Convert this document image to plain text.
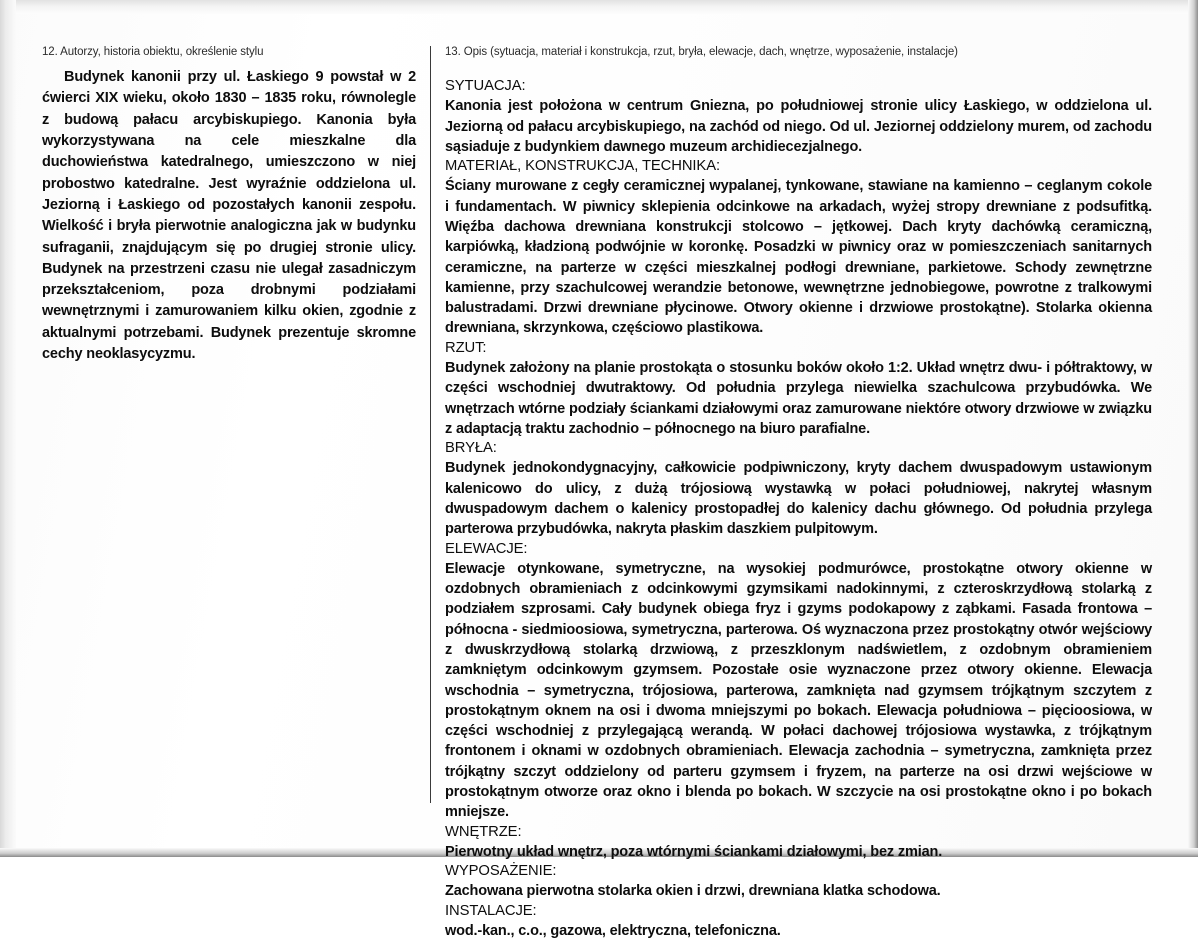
12. Autorzy, historia obiektu, określenie stylu

Budynek kanonii przy ul. Łaskiego 9 powstał w 2 ćwierci XIX wieku, około 1830 – 1835 roku, równolegle z budową pałacu arcybiskupiego. Kanonia była wykorzystywana na cele mieszkalne dla duchowieństwa katedralnego, umieszczono w niej probostwo katedralne. Jest wyraźnie oddzielona ul. Jeziorną i Łaskiego od pozostałych kanonii zespołu. Wielkość i bryła pierwotnie analogiczna jak w budynku sufraganii, znajdującym się po drugiej stronie ulicy. Budynek na przestrzeni czasu nie ulegał zasadniczym przekształceniom, poza drobnymi podziałami wewnętrznymi i zamurowaniem kilku okien, zgodnie z aktualnymi potrzebami. Budynek prezentuje skromne cechy neoklasycyzmu.

13. Opis (sytuacja, materiał i konstrukcja, rzut, bryła, elewacje, dach, wnętrze, wyposażenie, instalacje)
SYTUACJA:

Kanonia jest położona w centrum Gniezna, po południowej stronie ulicy Łaskiego, w oddzielona ul. Jeziorną od pałacu arcybiskupiego, na zachód od niego. Od ul. Jeziornej oddzielony murem, od zachodu sąsiaduje z budynkiem dawnego muzeum archidiecezjalnego.

MATERIAŁ, KONSTRUKCJA, TECHNIKA:

Ściany murowane z cegły ceramicznej wypalanej, tynkowane, stawiane na kamienno – ceglanym cokole i fundamentach. W piwnicy sklepienia odcinkowe na arkadach, wyżej stropy drewniane z podsufitką. Więźba dachowa drewniana konstrukcji stolcowo – jętkowej. Dach kryty dachówką ceramiczną, karpiówką, kładzioną podwójnie w koronkę. Posadzki w piwnicy oraz w pomieszczeniach sanitarnych ceramiczne, na parterze w części mieszkalnej podłogi drewniane, parkietowe. Schody zewnętrzne kamienne, przy szachulcowej werandzie betonowe, wewnętrzne jednobiegowe, powrotne z tralkowymi balustradami. Drzwi drewniane płycinowe. Otwory okienne i drzwiowe prostokątne). Stolarka okienna drewniana, skrzynkowa, częściowo plastikowa.

RZUT:

Budynek założony na planie prostokąta o stosunku boków około 1:2. Układ wnętrz dwu- i półtraktowy, w części wschodniej dwutraktowy. Od południa przylega niewielka szachulcowa przybudówka. We wnętrzach wtórne podziały ściankami działowymi oraz zamurowane niektóre otwory drzwiowe w związku z adaptacją traktu zachodnio – północnego na biuro parafialne.

BRYŁA:

Budynek jednokondygnacyjny, całkowicie podpiwniczony, kryty dachem dwuspadowym ustawionym kalenicowo do ulicy, z dużą trójosiową wystawką w połaci południowej, nakrytej własnym dwuspadowym dachem o kalenicy prostopadłej do kalenicy dachu głównego. Od południa przylega parterowa przybudówka, nakryta płaskim daszkiem pulpitowym.

ELEWACJE:

Elewacje otynkowane, symetryczne, na wysokiej podmurówce, prostokątne otwory okienne w ozdobnych obramieniach z odcinkowymi gzymsikami nadokinnymi, z czteroskrzydłową stolarką z podziałem szprosami. Cały budynek obiega fryz i gzyms podokapowy z ząbkami. Fasada frontowa – północna - siedmioosiowa, symetryczna, parterowa. Oś wyznaczona przez prostokątny otwór wejściowy z dwuskrzydłową stolarką drzwiową, z przeszklonym nadświetlem, z ozdobnym obramieniem zamkniętym odcinkowym gzymsem. Pozostałe osie wyznaczone przez otwory okienne. Elewacja wschodnia – symetryczna, trójosiowa, parterowa, zamknięta nad gzymsem trójkątnym szczytem z prostokątnym oknem na osi i dwoma mniejszymi po bokach. Elewacja południowa – pięcioosiowa, w części wschodniej z przylegającą werandą. W połaci dachowej trójosiowa wystawka, z trójkątnym frontonem i oknami w ozdobnych obramieniach. Elewacja zachodnia – symetryczna, zamknięta przez trójkątny szczyt oddzielony od parteru gzymsem i fryzem, na parterze na osi drzwi wejściowe w prostokątnym otworze oraz okno i blenda po bokach. W szczycie na osi prostokątne okno i po bokach mniejsze.

WNĘTRZE:

Pierwotny układ wnętrz, poza wtórnymi ściankami działowymi, bez zmian.

WYPOSAŻENIE:

Zachowana pierwotna stolarka okien i drzwi, drewniana klatka schodowa.

INSTALACJE:

wod.-kan., c.o., gazowa, elektryczna, telefoniczna.
